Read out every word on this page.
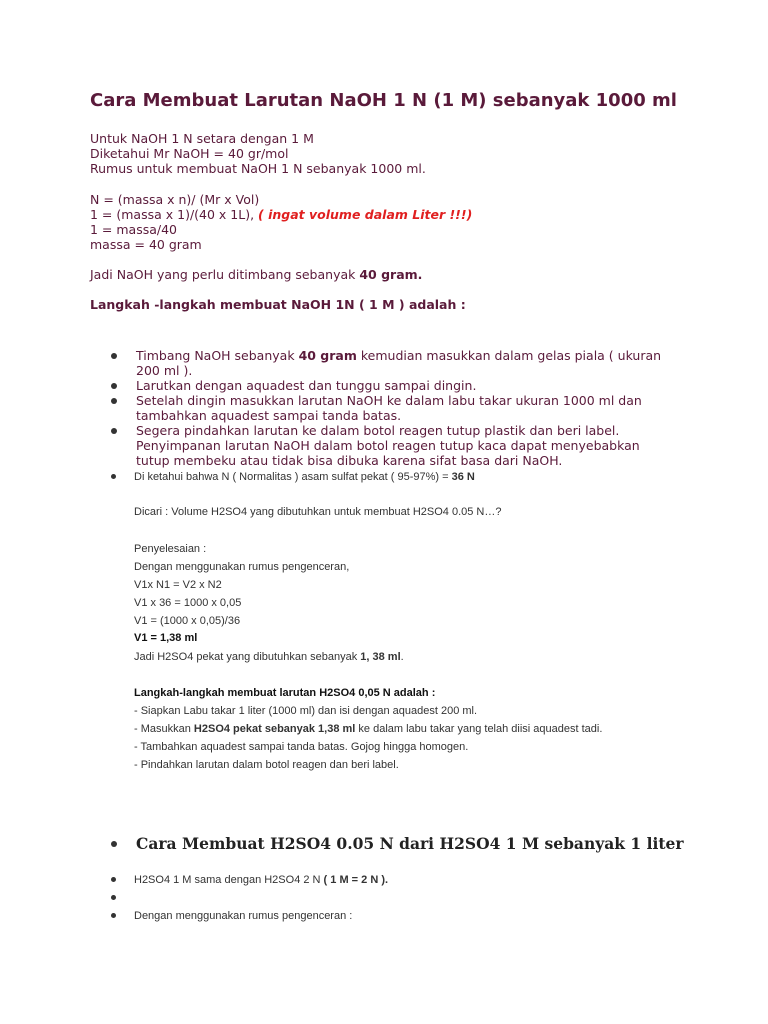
Cara Membuat Larutan NaOH 1 N (1 M) sebanyak 1000 ml
Untuk NaOH 1 N setara dengan 1 M
Diketahui Mr NaOH = 40 gr/mol
Rumus untuk membuat NaOH 1 N sebanyak 1000 ml.
N = (massa x n)/ (Mr x Vol)
1 = (massa x 1)/(40 x 1L), ( ingat volume dalam Liter !!!)
1 = massa/40
massa = 40 gram
Jadi NaOH yang perlu ditimbang sebanyak 40 gram.
Langkah -langkah membuat NaOH 1N ( 1 M ) adalah :
Timbang NaOH sebanyak 40 gram kemudian masukkan dalam gelas piala ( ukuran 200 ml ).
Larutkan dengan aquadest dan tunggu sampai dingin.
Setelah dingin masukkan larutan NaOH ke dalam labu takar ukuran 1000 ml dan tambahkan aquadest sampai tanda batas.
Segera pindahkan larutan ke dalam botol reagen tutup plastik dan beri label. Penyimpanan larutan NaOH dalam botol reagen tutup kaca dapat menyebabkan tutup membeku atau tidak bisa dibuka karena sifat basa dari NaOH.
Di ketahui bahwa N ( Normalitas ) asam sulfat pekat ( 95-97%) = 36 N
Dicari : Volume H2SO4 yang dibutuhkan untuk membuat H2SO4 0.05 N…?
Penyelesaian :
Dengan menggunakan rumus pengenceran,
V1x N1 = V2 x N2
V1 x 36 = 1000 x 0,05
V1 = (1000 x 0,05)/36
V1 = 1,38 ml
Jadi H2SO4 pekat yang dibutuhkan sebanyak 1, 38 ml.
Langkah-langkah membuat larutan H2SO4 0,05 N adalah :
- Siapkan Labu takar 1 liter (1000 ml) dan isi dengan aquadest 200 ml.
- Masukkan H2SO4 pekat sebanyak 1,38 ml ke dalam labu takar yang telah diisi aquadest tadi.
- Tambahkan aquadest sampai tanda batas. Gojog hingga homogen.
- Pindahkan larutan dalam botol reagen dan beri label.
Cara Membuat H2SO4 0.05 N dari H2SO4 1 M sebanyak 1 liter
H2SO4 1 M sama dengan H2SO4 2 N ( 1 M = 2 N ).
Dengan menggunakan rumus pengenceran :
